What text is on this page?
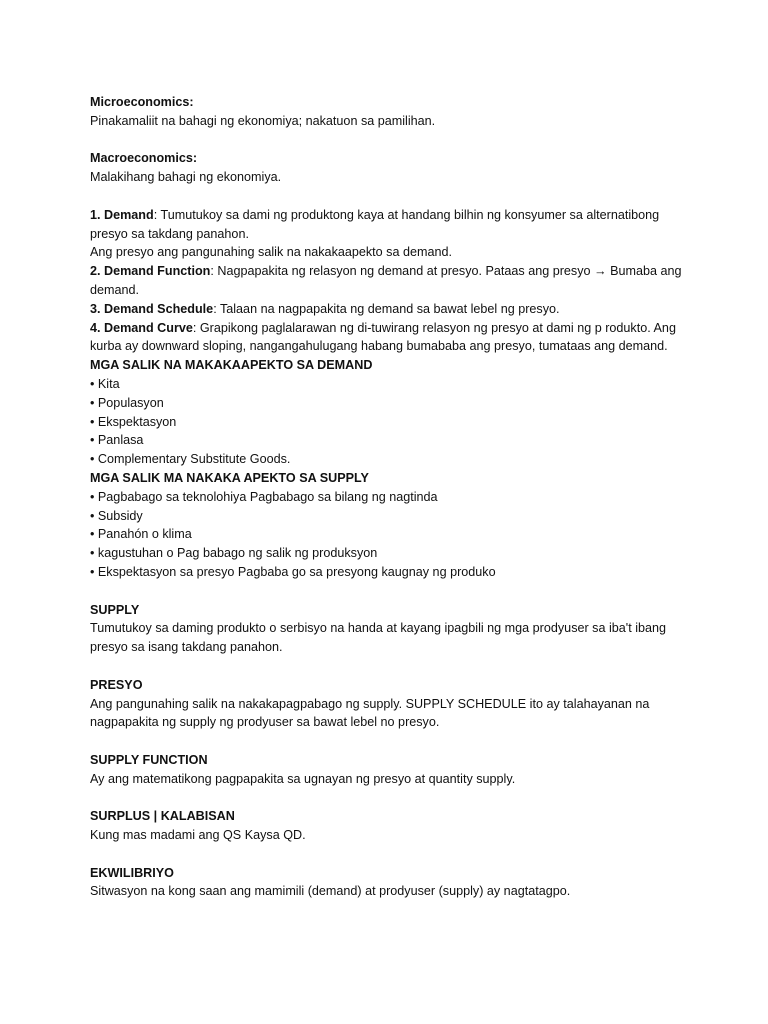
Microeconomics:

Pinakamaliit na bahagi ng ekonomiya; nakatuon sa pamilihan.

Macroeconomics:

Malakihang bahagi ng ekonomiya.

1. Demand: Tumutukoy sa dami ng produktong kaya at handang bilhin ng konsyumer sa alternatibong

presyo sa takdang panahon.

Ang presyo ang pangunahing salik na nakakaapekto sa demand.

2. Demand Function: Nagpapakita ng relasyon ng demand at presyo. Pataas ang presyo → Bumaba ang

demand.

3. Demand Schedule: Talaan na nagpapakita ng demand sa bawat lebel ng presyo.

4. Demand Curve: Grapikong paglalarawan ng di-tuwirang relasyon ng presyo at dami ng p rodukto. Ang

kurba ay downward sloping, nangangahulugang habang bumababa ang presyo, tumataas ang demand.

MGA SALIK NA MAKAKAAPEKTO SA DEMAND

• Kita

• Populasyon

• Ekspektasyon

• Panlasa

• Complementary Substitute Goods.

MGA SALIK MA NAKAKA APEKTO SA SUPPLY

• Pagbabago sa teknolohiya Pagbabago sa bilang ng nagtinda

• Subsidy

• Panahón o klima

• kagustuhan o Pag babago ng salik ng produksyon

• Ekspektasyon sa presyo Pagbaba go sa presyong kaugnay ng produko

SUPPLY

Tumutukoy sa daming produkto o serbisyo na handa at kayang ipagbili ng mga prodyuser sa iba't ibang

presyo sa isang takdang panahon.

PRESYO

Ang pangunahing salik na nakakapagpabago ng supply. SUPPLY SCHEDULE ito ay talahayanan na

nagpapakita ng supply ng prodyuser sa bawat lebel no presyo.

SUPPLY FUNCTION

Ay ang matematikong pagpapakita sa ugnayan ng presyo at quantity supply.

SURPLUS | KALABISAN

Kung mas madami ang QS Kaysa QD.

EKWILIBRIYO

Sitwasyon na kong saan ang mamimili (demand) at prodyuser (supply) ay nagtatagpo.
